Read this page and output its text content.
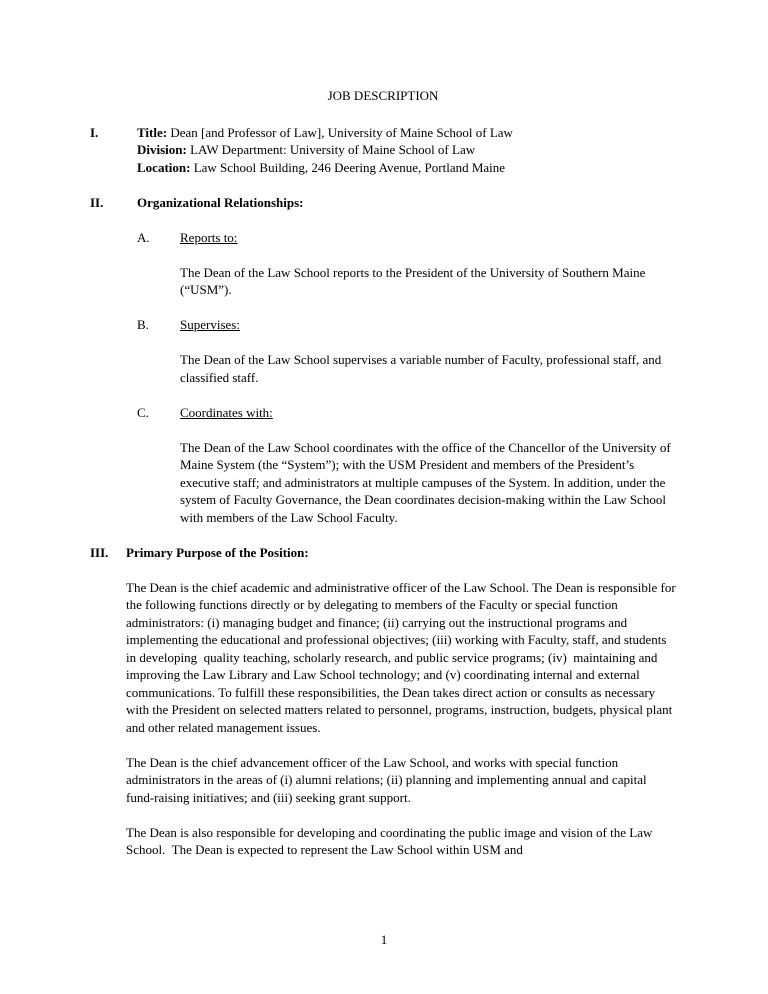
JOB DESCRIPTION
I.	Title: Dean [and Professor of Law], University of Maine School of Law
Division: LAW Department: University of Maine School of Law
Location: Law School Building, 246 Deering Avenue, Portland Maine
II.	Organizational Relationships:
A.	Reports to:
The Dean of the Law School reports to the President of the University of Southern Maine (“USM”).
B.	Supervises:
The Dean of the Law School supervises a variable number of Faculty, professional staff, and classified staff.
C.	Coordinates with:
The Dean of the Law School coordinates with the office of the Chancellor of the University of Maine System (the “System”); with the USM President and members of the President’s executive staff; and administrators at multiple campuses of the System. In addition, under the system of Faculty Governance, the Dean coordinates decision-making within the Law School with members of the Law School Faculty.
III.	Primary Purpose of the Position:
The Dean is the chief academic and administrative officer of the Law School. The Dean is responsible for the following functions directly or by delegating to members of the Faculty or special function administrators: (i) managing budget and finance; (ii) carrying out the instructional programs and implementing the educational and professional objectives; (iii) working with Faculty, staff, and students in developing  quality teaching, scholarly research, and public service programs; (iv)  maintaining and improving the Law Library and Law School technology; and (v) coordinating internal and external communications. To fulfill these responsibilities, the Dean takes direct action or consults as necessary with the President on selected matters related to personnel, programs, instruction, budgets, physical plant and other related management issues.
The Dean is the chief advancement officer of the Law School, and works with special function administrators in the areas of (i) alumni relations; (ii) planning and implementing annual and capital fund-raising initiatives; and (iii) seeking grant support.
The Dean is also responsible for developing and coordinating the public image and vision of the Law School.  The Dean is expected to represent the Law School within USM and
1
